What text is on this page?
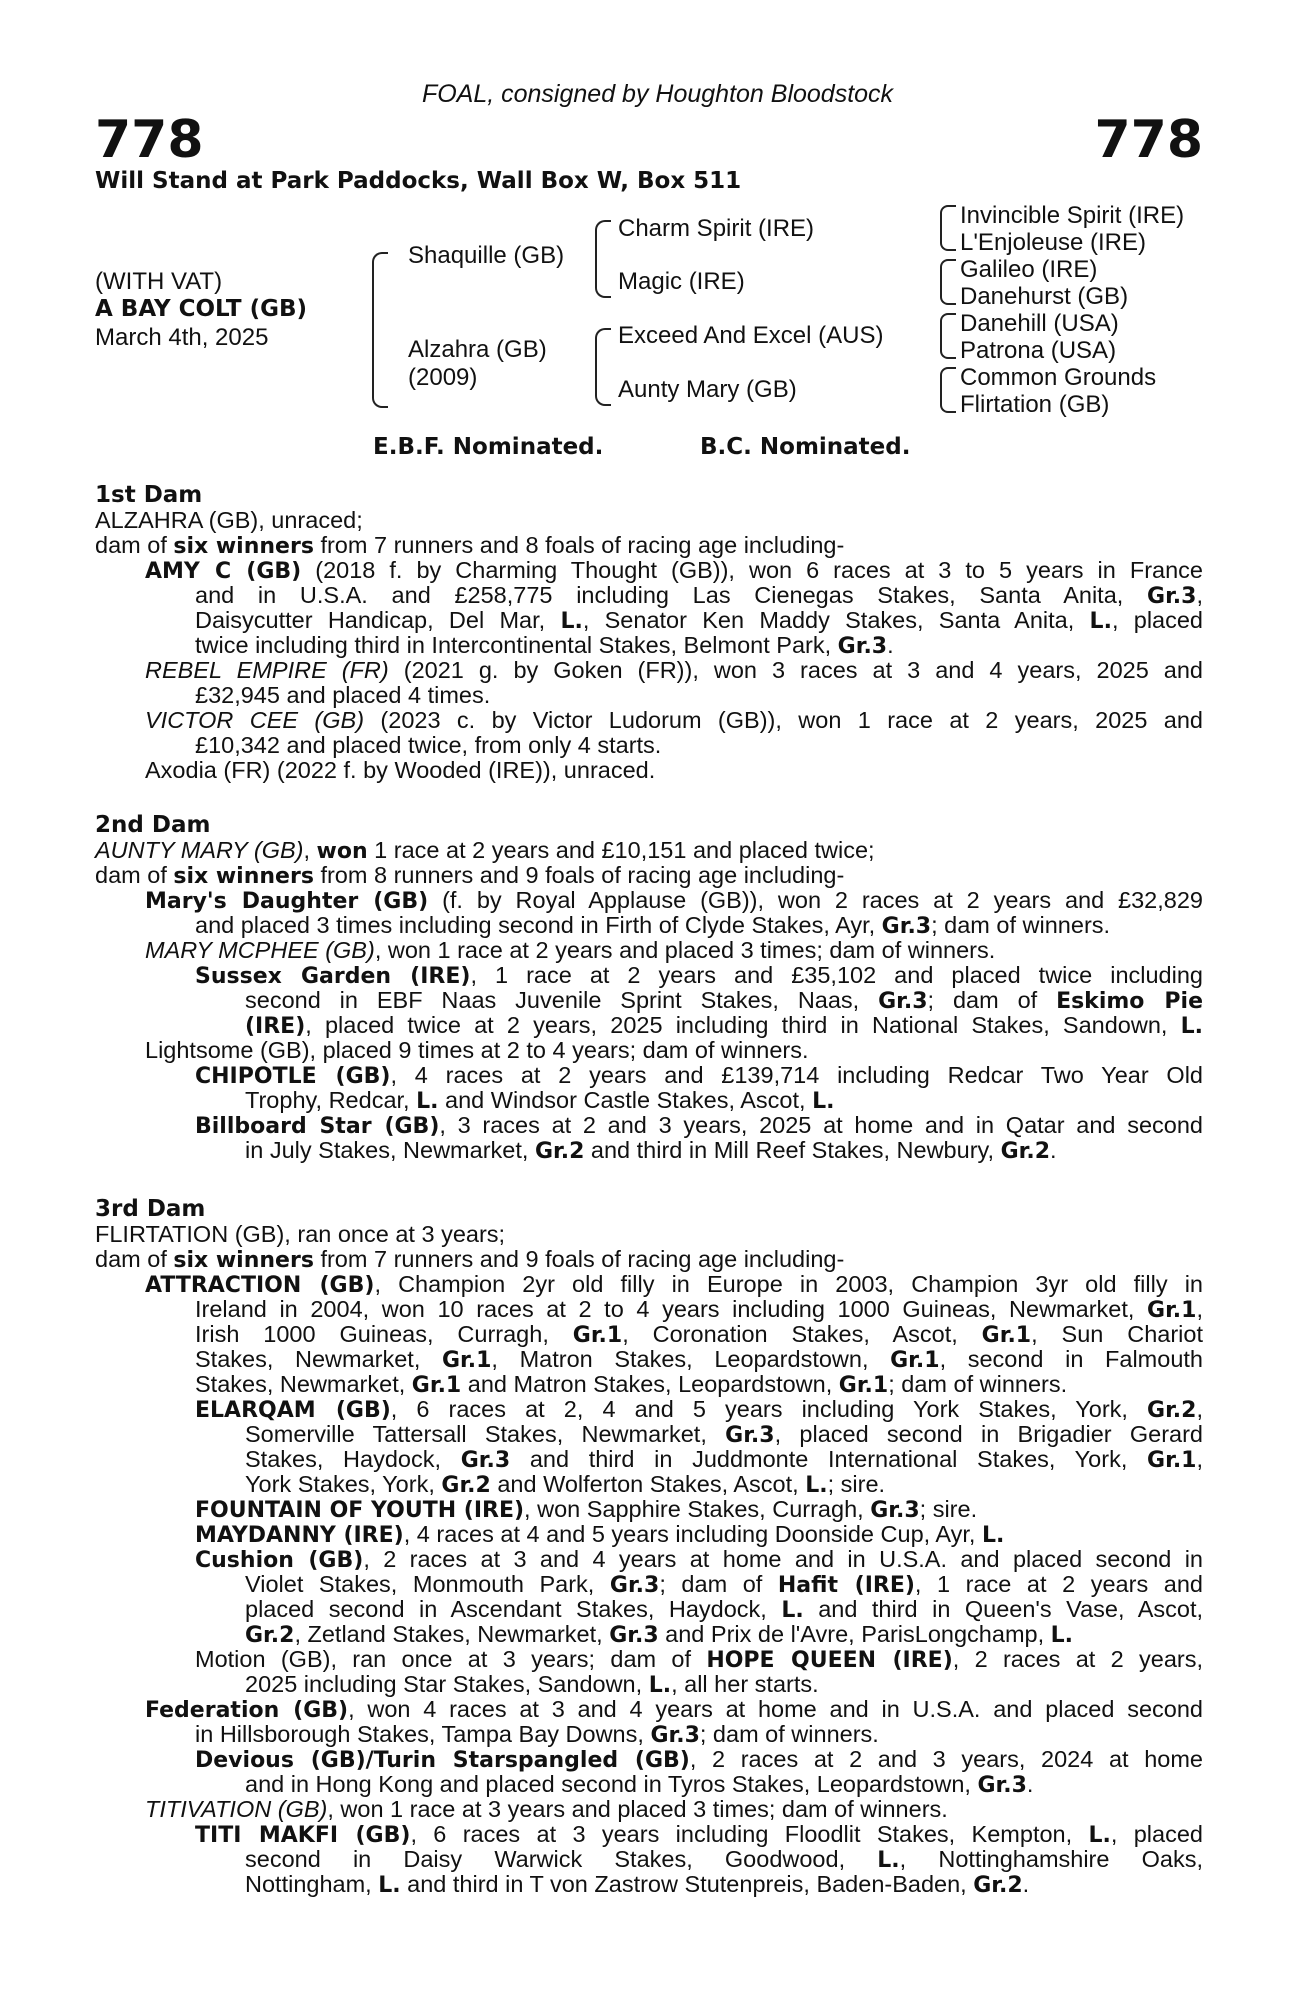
FOAL, consigned by Houghton Bloodstock
778	778
Will Stand at Park Paddocks, Wall Box W, Box 511
(WITH VAT)
A BAY COLT (GB)
March 4th, 2025
Shaquille (GB)
Alzahra (GB)
(2009)
Charm Spirit (IRE)
Magic (IRE)
Exceed And Excel (AUS)
Aunty Mary (GB)
Invincible Spirit (IRE)
L'Enjoleuse (IRE)
Galileo (IRE)
Danehurst (GB)
Danehill (USA)
Patrona (USA)
Common Grounds
Flirtation (GB)
E.B.F. Nominated.	B.C. Nominated.
1st Dam
2nd Dam
3rd Dam
ALZAHRA (GB), unraced;
dam of six winners from 7 runners and 8 foals of racing age including-
AMY C (GB) (2018 f. by Charming Thought (GB)), won 6 races at 3 to 5 years in France
and in U.S.A. and £258,775 including Las Cienegas Stakes, Santa Anita, Gr.3,
Daisycutter Handicap, Del Mar, L., Senator Ken Maddy Stakes, Santa Anita, L., placed
twice including third in Intercontinental Stakes, Belmont Park, Gr.3.
REBEL EMPIRE (FR) (2021 g. by Goken (FR)), won 3 races at 3 and 4 years, 2025 and
£32,945 and placed 4 times.
VICTOR CEE (GB) (2023 c. by Victor Ludorum (GB)), won 1 race at 2 years, 2025 and
£10,342 and placed twice, from only 4 starts.
Axodia (FR) (2022 f. by Wooded (IRE)), unraced.
AUNTY MARY (GB), won 1 race at 2 years and £10,151 and placed twice;
dam of six winners from 8 runners and 9 foals of racing age including-
Mary's Daughter (GB) (f. by Royal Applause (GB)), won 2 races at 2 years and £32,829
and placed 3 times including second in Firth of Clyde Stakes, Ayr, Gr.3; dam of winners.
MARY MCPHEE (GB), won 1 race at 2 years and placed 3 times; dam of winners.
Sussex Garden (IRE), 1 race at 2 years and £35,102 and placed twice including
second in EBF Naas Juvenile Sprint Stakes, Naas, Gr.3; dam of Eskimo Pie
(IRE), placed twice at 2 years, 2025 including third in National Stakes, Sandown, L.
Lightsome (GB), placed 9 times at 2 to 4 years; dam of winners.
CHIPOTLE (GB), 4 races at 2 years and £139,714 including Redcar Two Year Old
Trophy, Redcar, L. and Windsor Castle Stakes, Ascot, L.
Billboard Star (GB), 3 races at 2 and 3 years, 2025 at home and in Qatar and second
in July Stakes, Newmarket, Gr.2 and third in Mill Reef Stakes, Newbury, Gr.2.
FLIRTATION (GB), ran once at 3 years;
dam of six winners from 7 runners and 9 foals of racing age including-
ATTRACTION (GB), Champion 2yr old filly in Europe in 2003, Champion 3yr old filly in
Ireland in 2004, won 10 races at 2 to 4 years including 1000 Guineas, Newmarket, Gr.1,
Irish 1000 Guineas, Curragh, Gr.1, Coronation Stakes, Ascot, Gr.1, Sun Chariot
Stakes, Newmarket, Gr.1, Matron Stakes, Leopardstown, Gr.1, second in Falmouth
Stakes, Newmarket, Gr.1 and Matron Stakes, Leopardstown, Gr.1; dam of winners.
ELARQAM (GB), 6 races at 2, 4 and 5 years including York Stakes, York, Gr.2,
Somerville Tattersall Stakes, Newmarket, Gr.3, placed second in Brigadier Gerard
Stakes, Haydock, Gr.3 and third in Juddmonte International Stakes, York, Gr.1,
York Stakes, York, Gr.2 and Wolferton Stakes, Ascot, L.; sire.
FOUNTAIN OF YOUTH (IRE), won Sapphire Stakes, Curragh, Gr.3; sire.
MAYDANNY (IRE), 4 races at 4 and 5 years including Doonside Cup, Ayr, L.
Cushion (GB), 2 races at 3 and 4 years at home and in U.S.A. and placed second in
Violet Stakes, Monmouth Park, Gr.3; dam of Hafit (IRE), 1 race at 2 years and
placed second in Ascendant Stakes, Haydock, L. and third in Queen's Vase, Ascot,
Gr.2, Zetland Stakes, Newmarket, Gr.3 and Prix de l'Avre, ParisLongchamp, L.
Motion (GB), ran once at 3 years; dam of HOPE QUEEN (IRE), 2 races at 2 years,
2025 including Star Stakes, Sandown, L., all her starts.
Federation (GB), won 4 races at 3 and 4 years at home and in U.S.A. and placed second
in Hillsborough Stakes, Tampa Bay Downs, Gr.3; dam of winners.
Devious (GB)/Turin Starspangled (GB), 2 races at 2 and 3 years, 2024 at home
and in Hong Kong and placed second in Tyros Stakes, Leopardstown, Gr.3.
TITIVATION (GB), won 1 race at 3 years and placed 3 times; dam of winners.
TITI MAKFI (GB), 6 races at 3 years including Floodlit Stakes, Kempton, L., placed
second in Daisy Warwick Stakes, Goodwood, L., Nottinghamshire Oaks,
Nottingham, L. and third in T von Zastrow Stutenpreis, Baden-Baden, Gr.2.
